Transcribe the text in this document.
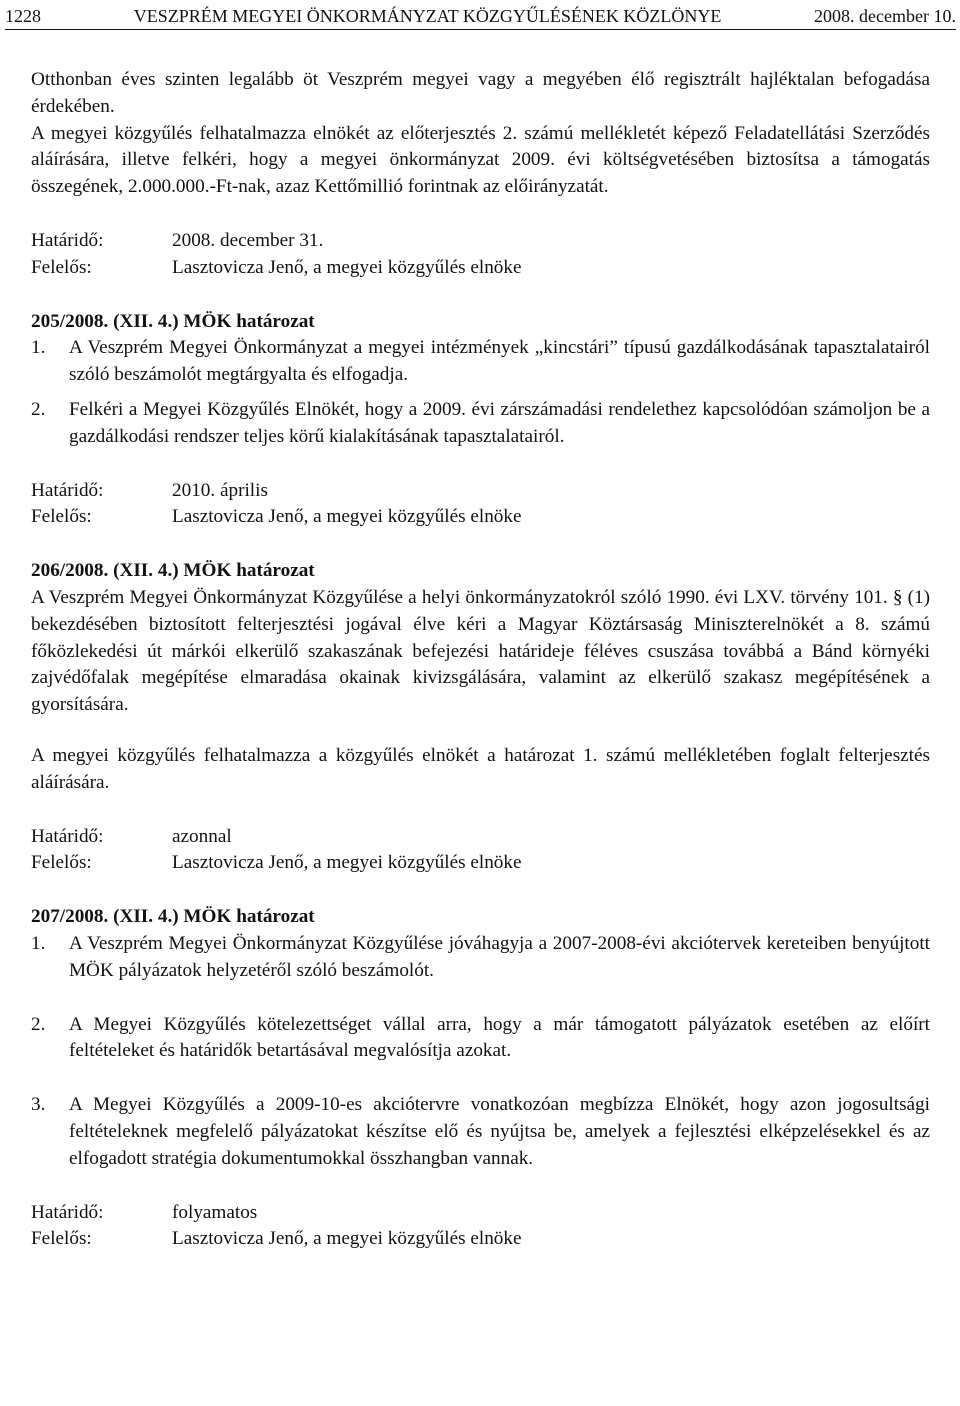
1228	VESZPRÉM MEGYEI ÖNKORMÁNYZAT KÖZGYŰLÉSÉNEK KÖZLÖNYE	2008. december 10.

Otthonban éves szinten legalább öt Veszprém megyei vagy a megyében élő regisztrált hajléktalan befogadása érdekében.

A megyei közgyűlés felhatalmazza elnökét az előterjesztés 2. számú mellékletét képező Feladatellátási Szerződés aláírására, illetve felkéri, hogy a megyei önkormányzat 2009. évi költségvetésében biztosítsa a támogatás összegének, 2.000.000.-Ft-nak, azaz Kettőmillió forintnak az előirányzatát.

Határidő:	2008. december 31.
Felelős:	Lasztovicza Jenő, a megyei közgyűlés elnöke

205/2008. (XII. 4.) MÖK határozat

1.	A Veszprém Megyei Önkormányzat a megyei intézmények „kincstári” típusú gazdálkodásának tapasztalatairól szóló beszámolót megtárgyalta és elfogadja.
2.	Felkéri a Megyei Közgyűlés Elnökét, hogy a 2009. évi zárszámadási rendelethez kapcsolódóan számoljon be a gazdálkodási rendszer teljes körű kialakításának tapasztalatairól.
Határidő:	2010. április
Felelős:	Lasztovicza Jenő, a megyei közgyűlés elnöke

206/2008. (XII. 4.) MÖK határozat

A Veszprém Megyei Önkormányzat Közgyűlése a helyi önkormányzatokról szóló 1990. évi LXV. törvény 101. § (1) bekezdésében biztosított felterjesztési jogával élve kéri a Magyar Köztársaság Miniszterelnökét a 8. számú főközlekedési út márkói elkerülő szakaszának befejezési határideje féléves csuszása továbbá a Bánd környéki zajvédőfalak megépítése elmaradása okainak kivizsgálására, valamint az elkerülő szakasz megépítésének a gyorsítására.

A megyei közgyűlés felhatalmazza a közgyűlés elnökét a határozat 1. számú mellékletében foglalt felterjesztés aláírására.

Határidő:	azonnal
Felelős:	Lasztovicza Jenő, a megyei közgyűlés elnöke

207/2008. (XII. 4.) MÖK határozat

1.	A Veszprém Megyei Önkormányzat Közgyűlése jóváhagyja a 2007-2008-évi akciótervek kereteiben benyújtott MÖK pályázatok helyzetéről szóló beszámolót.
2.	A Megyei Közgyűlés kötelezettséget vállal arra, hogy a már támogatott pályázatok esetében az előírt feltételeket és határidők betartásával megvalósítja azokat.
3.	A Megyei Közgyűlés a 2009-10-es akciótervre vonatkozóan megbízza Elnökét, hogy azon jogosultsági feltételeknek megfelelő pályázatokat készítse elő és nyújtsa be, amelyek a fejlesztési elképzelésekkel és az elfogadott stratégia dokumentumokkal összhangban vannak.
Határidő:	folyamatos
Felelős:	Lasztovicza Jenő, a megyei közgyűlés elnöke
